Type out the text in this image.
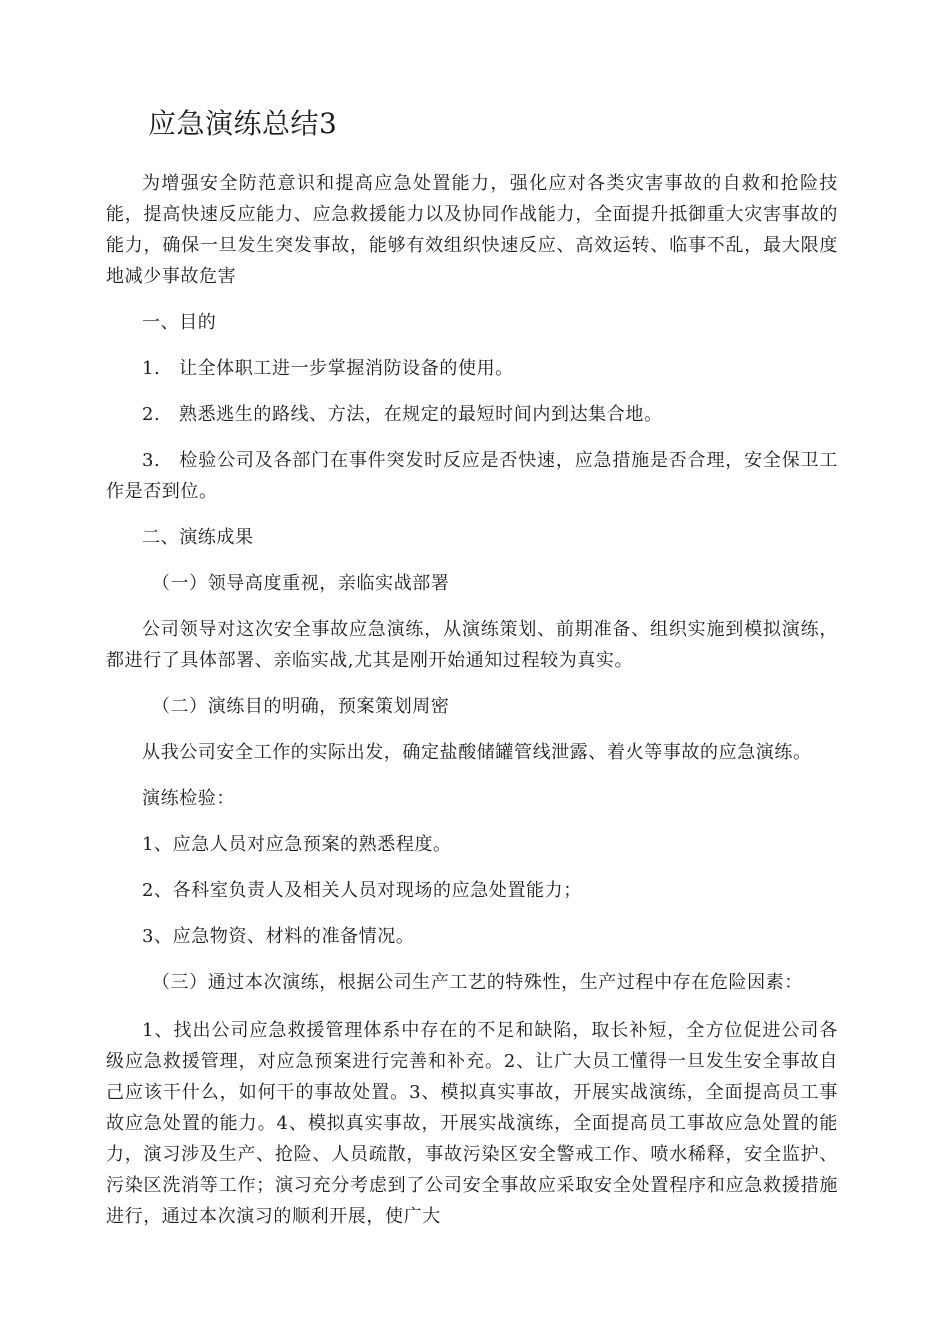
应急演练总结3

为增强安全防范意识和提高应急处置能力，强化应对各类灾害事故的自救和抢险技能，提高快速反应能力、应急救援能力以及协同作战能力，全面提升抵御重大灾害事故的能力，确保一旦发生突发事故，能够有效组织快速反应、高效运转、临事不乱，最大限度地减少事故危害

一、目的

1.　让全体职工进一步掌握消防设备的使用。

2.　熟悉逃生的路线、方法，在规定的最短时间内到达集合地。

3.　检验公司及各部门在事件突发时反应是否快速，应急措施是否合理，安全保卫工作是否到位。

二、演练成果

（一）领导高度重视，亲临实战部署

公司领导对这次安全事故应急演练，从演练策划、前期准备、组织实施到模拟演练，都进行了具体部署、亲临实战,尤其是刚开始通知过程较为真实。

（二）演练目的明确，预案策划周密

从我公司安全工作的实际出发，确定盐酸储罐管线泄露、着火等事故的应急演练。

演练检验：

1、应急人员对应急预案的熟悉程度。

2、各科室负责人及相关人员对现场的应急处置能力；

3、应急物资、材料的准备情况。

（三）通过本次演练，根据公司生产工艺的特殊性，生产过程中存在危险因素：

1、找出公司应急救援管理体系中存在的不足和缺陷，取长补短，全方位促进公司各级应急救援管理，对应急预案进行完善和补充。2、让广大员工懂得一旦发生安全事故自己应该干什么，如何干的事故处置。3、模拟真实事故，开展实战演练，全面提高员工事故应急处置的能力。4、模拟真实事故，开展实战演练，全面提高员工事故应急处置的能力，演习涉及生产、抢险、人员疏散，事故污染区安全警戒工作、喷水稀释，安全监护、污染区洗消等工作；演习充分考虑到了公司安全事故应采取安全处置程序和应急救援措施进行，通过本次演习的顺利开展，使广大
